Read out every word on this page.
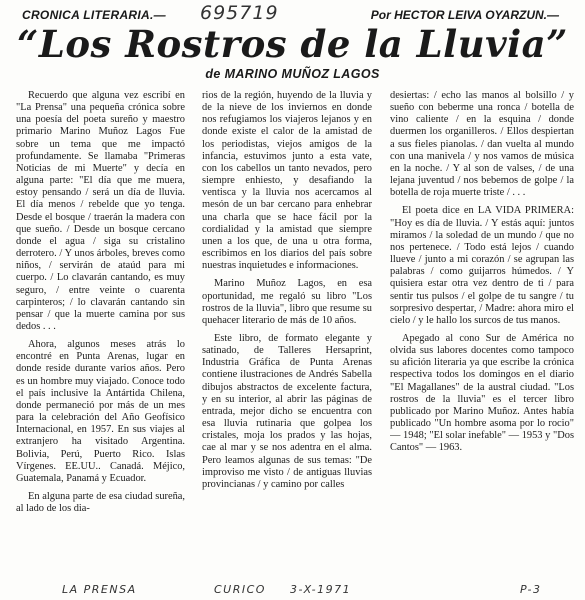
CRONICA LITERARIA.— 695719	Por HECTOR LEIVA OYARZUN.—
“Los Rostros de la Lluvia”
de MARINO MUÑOZ LAGOS

Recuerdo que alguna vez escribí en "La Prensa" una pequeña crónica sobre una poesía del poeta sureño y maestro primario Marino Muñoz Lagos Fue sobre un tema que me impactó profundamente. Se llamaba "Primeras Noticias de mi Muerte" y decía en alguna parte: "El día que me muera, estoy pensando / será un día de lluvia. El día menos / rebelde que yo tenga. Desde el bosque / traerán la madera con que sueño. / Desde un bosque cercano donde el agua / siga su cristalino derrotero. / Y unos árboles, breves como niños, / servirán de ataúd para mi cuerpo. / Lo clavarán cantando, es muy seguro, / entre veinte o cuarenta carpinteros; / lo clavarán cantando sin pensar / que la muerte camina por sus dedos . . .

Ahora, algunos meses atrás lo encontré en Punta Arenas, lugar en donde reside durante varios años. Pero es un hombre muy viajado. Conoce todo el país inclusive la Antártida Chilena, donde permaneció por más de un mes para la celebración del Año Geofísico Internacional, en 1957. En sus viajes al extranjero ha visitado Argentina. Bolivia, Perú, Puerto Rico. Islas Vírgenes. EE.UU.. Canadá. Méjico, Guatemala, Panamá y Ecuador.

En alguna parte de esa ciudad sureña, al lado de los dia-

rios de la región, huyendo de la lluvia y de la nieve de los inviernos en donde nos refugiamos los viajeros lejanos y en donde existe el calor de la amistad de los periodistas, viejos amigos de la infancia, estuvimos junto a esta vate, con los cabellos un tanto nevados, pero siempre enhiesto, y desafiando la ventisca y la lluvia nos acercamos al mesón de un bar cercano para enhebrar una charla que se hace fácil por la cordialidad y la amistad que siempre unen a los que, de una u otra forma, escribimos en los diarios del país sobre nuestras inquietudes e informaciones.

Marino Muñoz Lagos, en esa oportunidad, me regaló su libro "Los rostros de la lluvia", libro que resume su quehacer literario de más de 10 años.

Este libro, de formato elegante y satinado, de Talleres Hersaprint, Industria Gráfica de Punta Arenas contiene ilustraciones de Andrés Sabella dibujos abstractos de excelente factura, y en su interior, al abrir las páginas de entrada, mejor dicho se encuentra con esa lluvia rutinaria que golpea los cristales, moja los prados y las hojas, cae al mar y se nos adentra en el alma. Pero leamos algunas de sus temas: "De improviso me visto / de antiguas lluvias provincianas / y camino por calles

desiertas: / echo las manos al bolsillo / y sueño con beberme una ronca / botella de vino caliente / en la esquina / donde duermen los organilleros. / Ellos despiertan a sus fieles pianolas. / dan vuelta al mundo con una manivela / y nos vamos de música en la noche. / Y al son de valses, / de una lejana juventud / nos bebemos de golpe / la botella de roja muerte triste / . . .

El poeta dice en LA VIDA PRIMERA: "Hoy es día de lluvia. / Y estás aquí: juntos miramos / la soledad de un mundo / que no nos pertenece. / Todo está lejos / cuando llueve / junto a mi corazón / se agrupan las palabras / como guijarros húmedos. / Y quisiera estar otra vez dentro de ti / para sentir tus pulsos / el golpe de tu sangre / tu sorpresivo despertar, / Madre: ahora miro el cielo / y le hallo los surcos de tus manos.

Apegado al cono Sur de América no olvida sus labores docentes como tampoco su afición literaria ya que escribe la crónica respectiva todos los domingos en el diario "El Magallanes" de la austral ciudad. "Los rostros de la lluvia" es el tercer libro publicado por Marino Muñoz. Antes había publicado "Un hombre asoma por lo rocio" — 1948; "El solar inefable" — 1953 y "Dos Cantos" — 1963.

LA PRENSA	CURICO 3-X-1971	P-3
